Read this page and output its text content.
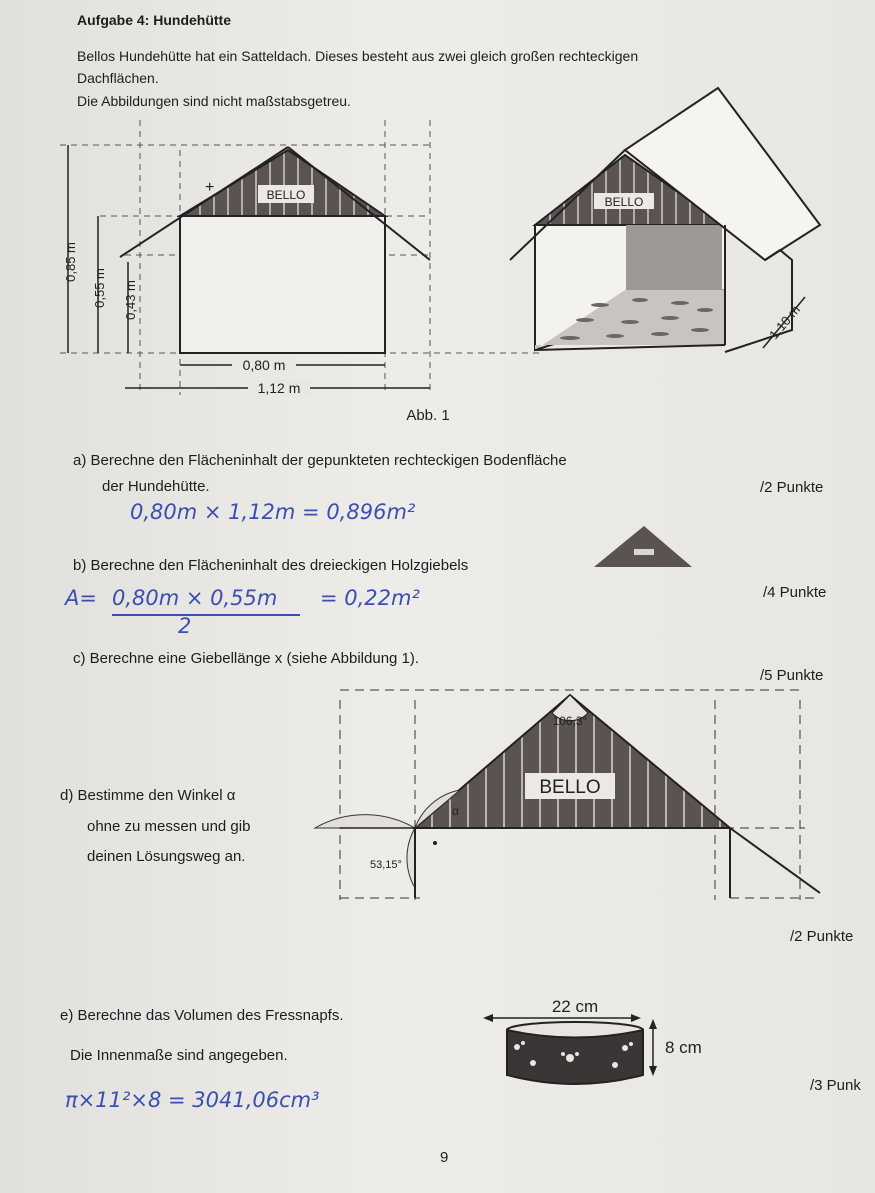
Aufgabe 4: Hundehütte
Bellos Hundehütte hat ein Satteldach. Dieses besteht aus zwei gleich großen rechteckigen
Dachflächen.
Die Abbildungen sind nicht maßstabsgetreu.
BELLO
+
0,85 m
0,55 m 0,43 m
0,80 m
1,12 m
BELLO
1,10 m
Abb. 1
a) Berechne den Flächeninhalt der gepunkteten rechteckigen Bodenfläche
der Hundehütte.	/2 Punkte
0,80m × 1,12m = 0,896m²
b) Berechne den Flächeninhalt des dreieckigen Holzgiebels
/4 Punkte
A= 0,80m × 0,55m
2
= 0,22m²
c) Berechne eine Giebellänge x (siehe Abbildung 1).
/5 Punkte
d) Bestimme den Winkel α
ohne zu messen und gib
deinen Lösungsweg an.
BELLO
106,3°
α
53,15°
/2 Punkte
e) Berechne das Volumen des Fressnapfs.
Die Innenmaße sind angegeben.
22 cm
8 cm
/3 Punk
π×11²×8 = 3041,06cm³
9
